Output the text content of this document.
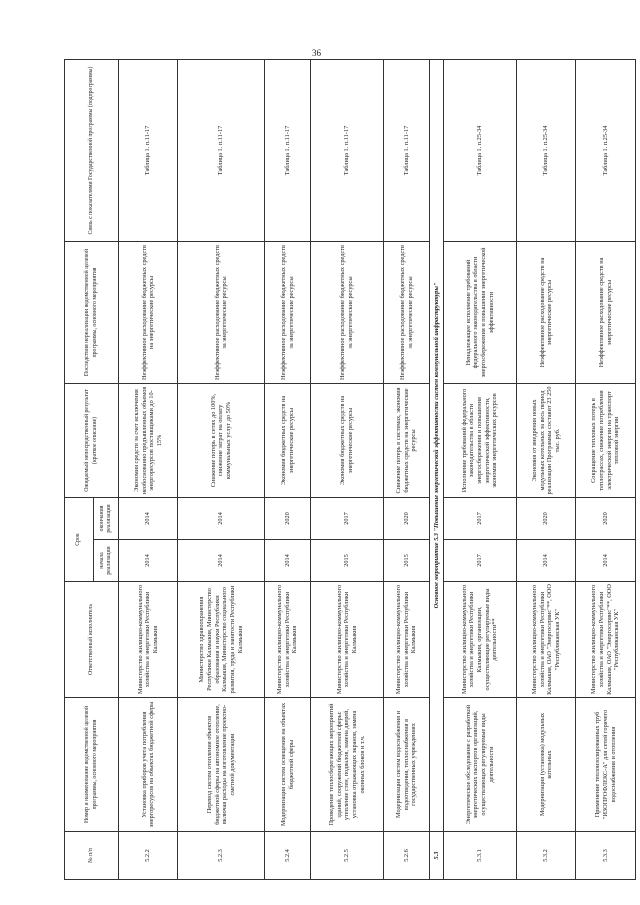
36
№ п/п	Номер и наименование ведомственной целевой программы, основного мероприятия	Ответственный исполнитель	Срок		Ожидаемый непосредственный результат (краткое описание)	Последствия нереализации ведомственной целевой программы, основного мероприятия	Связь с показателями Государственной программы (подпрограммы)
			начала реализации	окончания реализации			
5.2.2	Установка приборов учета потребления энергоресурсов на объектах бюджетной сферы	Министерство жилищно-коммунального хозяйства и энергетики Республики Калмыкия	2014	2014	Экономия средств за счет исключения необоснованно предъявленных объемов энергоресурсов поставщиками до 10-15%	Неэффективное расходование бюджетных средств на энергетические ресурсы	Таблица 1. п.11-17
5.2.3	Перевод систем отопления объектов бюджетной сферы на автономное отопление, включая расходы на изготовление проектно-сметной документации	Министерство здравоохранения Республики Калмыкия, Министерство образования и науки Республики Калмыкия, Министерство социального развития, труда и занятости Республики Калмыкия	2014	2014	Снижение потерь в сетях до 100%, снижение затрат на оплату коммунальных услуг до 50%	Неэффективное расходование бюджетных средств за энергетические ресурсы	Таблица 1. п.11-17
5.2.4	Модернизация систем освещения на объектах бюджетной сферы	Министерство жилищно-коммунального хозяйства и энергетики Республики Калмыкия	2014	2020	Экономия бюджетных средств на энергетические ресурсы	Неэффективное расходование бюджетных средств за энергетические ресурсы	Таблица 1. п.11-17
5.2.5	Проведение теплосберегающих мероприятий зданий, сооружений бюджетной сферы: утепление стен, подвалов, замена дверей, установка отражающих экранов, замена оконных блоков и т.ч.	Министерство жилищно-коммунального хозяйства и энергетики Республики Калмыкия	2015	2017	Экономия бюджетных средств на энергетические ресурсы	Неэффективное расходование бюджетных средств за энергетические ресурсы	Таблица 1. п.11-17
5.2.6	Модернизация систем водоснабжения и водоотведения, теплоснабжения в государственных учреждениях	Министерство жилищно-коммунального хозяйства и энергетики Республики Калмыкия	2015	2020	Снижение потерь в системах, экономия бюджетных средств на энергетические ресурсы	Неэффективное расходование бюджетных средств за энергетические ресурсы	Таблица 1. п.11-17
5.3	Основное мероприятие 5.3 "Повышение энергетической эффективности систем коммунальной инфраструктуры"						
5.3.1	Энергетическое обследование с разработкой энергетических паспортов организаций, осуществляющих регулируемые виды деятельности	Министерство жилищно-коммунального хозяйства и энергетики Республики Калмыкия, организации, осуществляющие регулируемые виды деятельности**	2017	2017	Исполнение требований федерального законодательства в области энергосбережения и повышения энергетической эффективности, экономия энергетических ресурсов	Ненадлежащее исполнение требований федерального законодательства в области энергосбережения и повышения энергетической эффективности	Таблица 1. п.25-34
5.3.2	Модернизация (установка) модульных котельных	Министерство жилищно-коммунального хозяйства и энергетики Республики Калмыкия, ОАО "Энергосервис"**, ООО "Республиканская УК"	2014	2020	Экономия от внедрения новых модульных котельных за весь период реализации Программы составит 23 250 тыс. руб.	Неэффективное расходование средств на энергетические ресурсы	Таблица 1. п.25-34
5.3.3	Применение теплоизолированных труб "ИЗОПРОФЛЕКС-А" для сетей горячего водоснабжения и отопления	Министерство жилищно-коммунального хозяйства и энергетики Республики Калмыкия, ОАО "Энергосервис"**, ООО "Республиканская УК"	2014	2020	Сокращение тепловых потерь в теплотрассах, снижение потребления электрической энергии на транспорт тепловой энергии	Неэффективное расходование средств на энергетические ресурсы	Таблица 1. п.25-34
